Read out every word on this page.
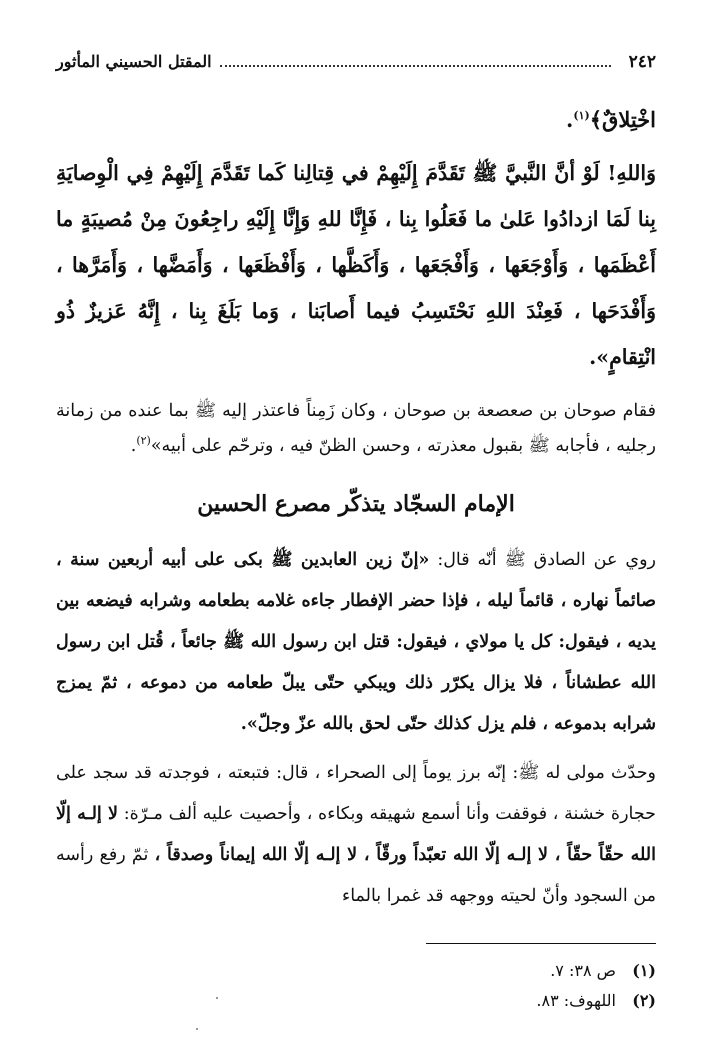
٢٤٢
المقتل الحسيني المأثور

اخْتِلاقٌ﴾$^{(١)}$.

وَاللهِ! لَوْ أنَّ النَّبيَّ ﷺ تَقَدَّمَ إِلَيْهِمْ في قِتالِنا كَما تَقَدَّمَ إِلَيْهِمْ فِي الْوِصايَةِ بِنا لَمَا ازدادُوا عَلىٰ ما فَعَلُوا بِنا ، فَإِنَّا للهِ وَإِنَّا إِلَيْهِ راجِعُونَ مِنْ مُصيبَةٍ ما أَعْظَمَها ، وَأَوْجَعَها ، وَأَفْجَعَها ، وَأَكَظَّها ، وَأَفْظَعَها ، وَأَمَضَّها ، وَأَمَرَّها ، وَأَفْدَحَها ، فَعِنْدَ اللهِ نَحْتَسِبُ فيما أَصابَنا ، وَما بَلَغَ بِنا ، إِنَّهُ عَزيزٌ ذُو انْتِقامٍ».

فقام صوحان بن صعصعة بن صوحان ، وكان زَمِناً فاعتذر إليه ﷺ بما عنده من زمانة رجليه ، فأجابه ﷺ بقبول معذرته ، وحسن الظنّ فيه ، وترحّم على أبيه»$^{(٢)}$.

الإمام السجّاد يتذكّر مصرع الحسين

روي عن الصادق ﷺ أنّه قال: «إنّ زين العابدين ﷺ بكى على أبيه أربعين سنة ، صائماً نهاره ، قائماً ليله ، فإذا حضر الإفطار جاءه غلامه بطعامه وشرابه فيضعه بين يديه ، فيقول: كل يا مولاي ، فيقول: قتل ابن رسول الله ﷺ جائعاً ، قُتل ابن رسول الله عطشاناً ، فلا يزال يكرّر ذلك ويبكي حتّى يبلّ طعامه من دموعه ، ثمّ يمزج شرابه بدموعه ، فلم يزل كذلك حتّى لحق بالله عزّ وجلّ».

وحدّث مولى له ﷺ: إنّه برز يوماً إلى الصحراء ، قال: فتبعته ، فوجدته قد سجد على حجارة خشنة ، فوقفت وأنا أسمع شهيقه وبكاءه ، وأحصيت عليه ألف مـرّة: لا إلـه إلّا الله حقّاً حقّاً ، لا إلـه إلّا الله تعبّداً ورقّاً ، لا إلـه إلّا الله إيماناً وصدقاً ، ثمّ رفع رأسه من السجود وأنّ لحيته ووجهه قد غمرا بالماء

(١)
ص ٣٨: ٧.
(٢)
اللهوف: ٨٣.
